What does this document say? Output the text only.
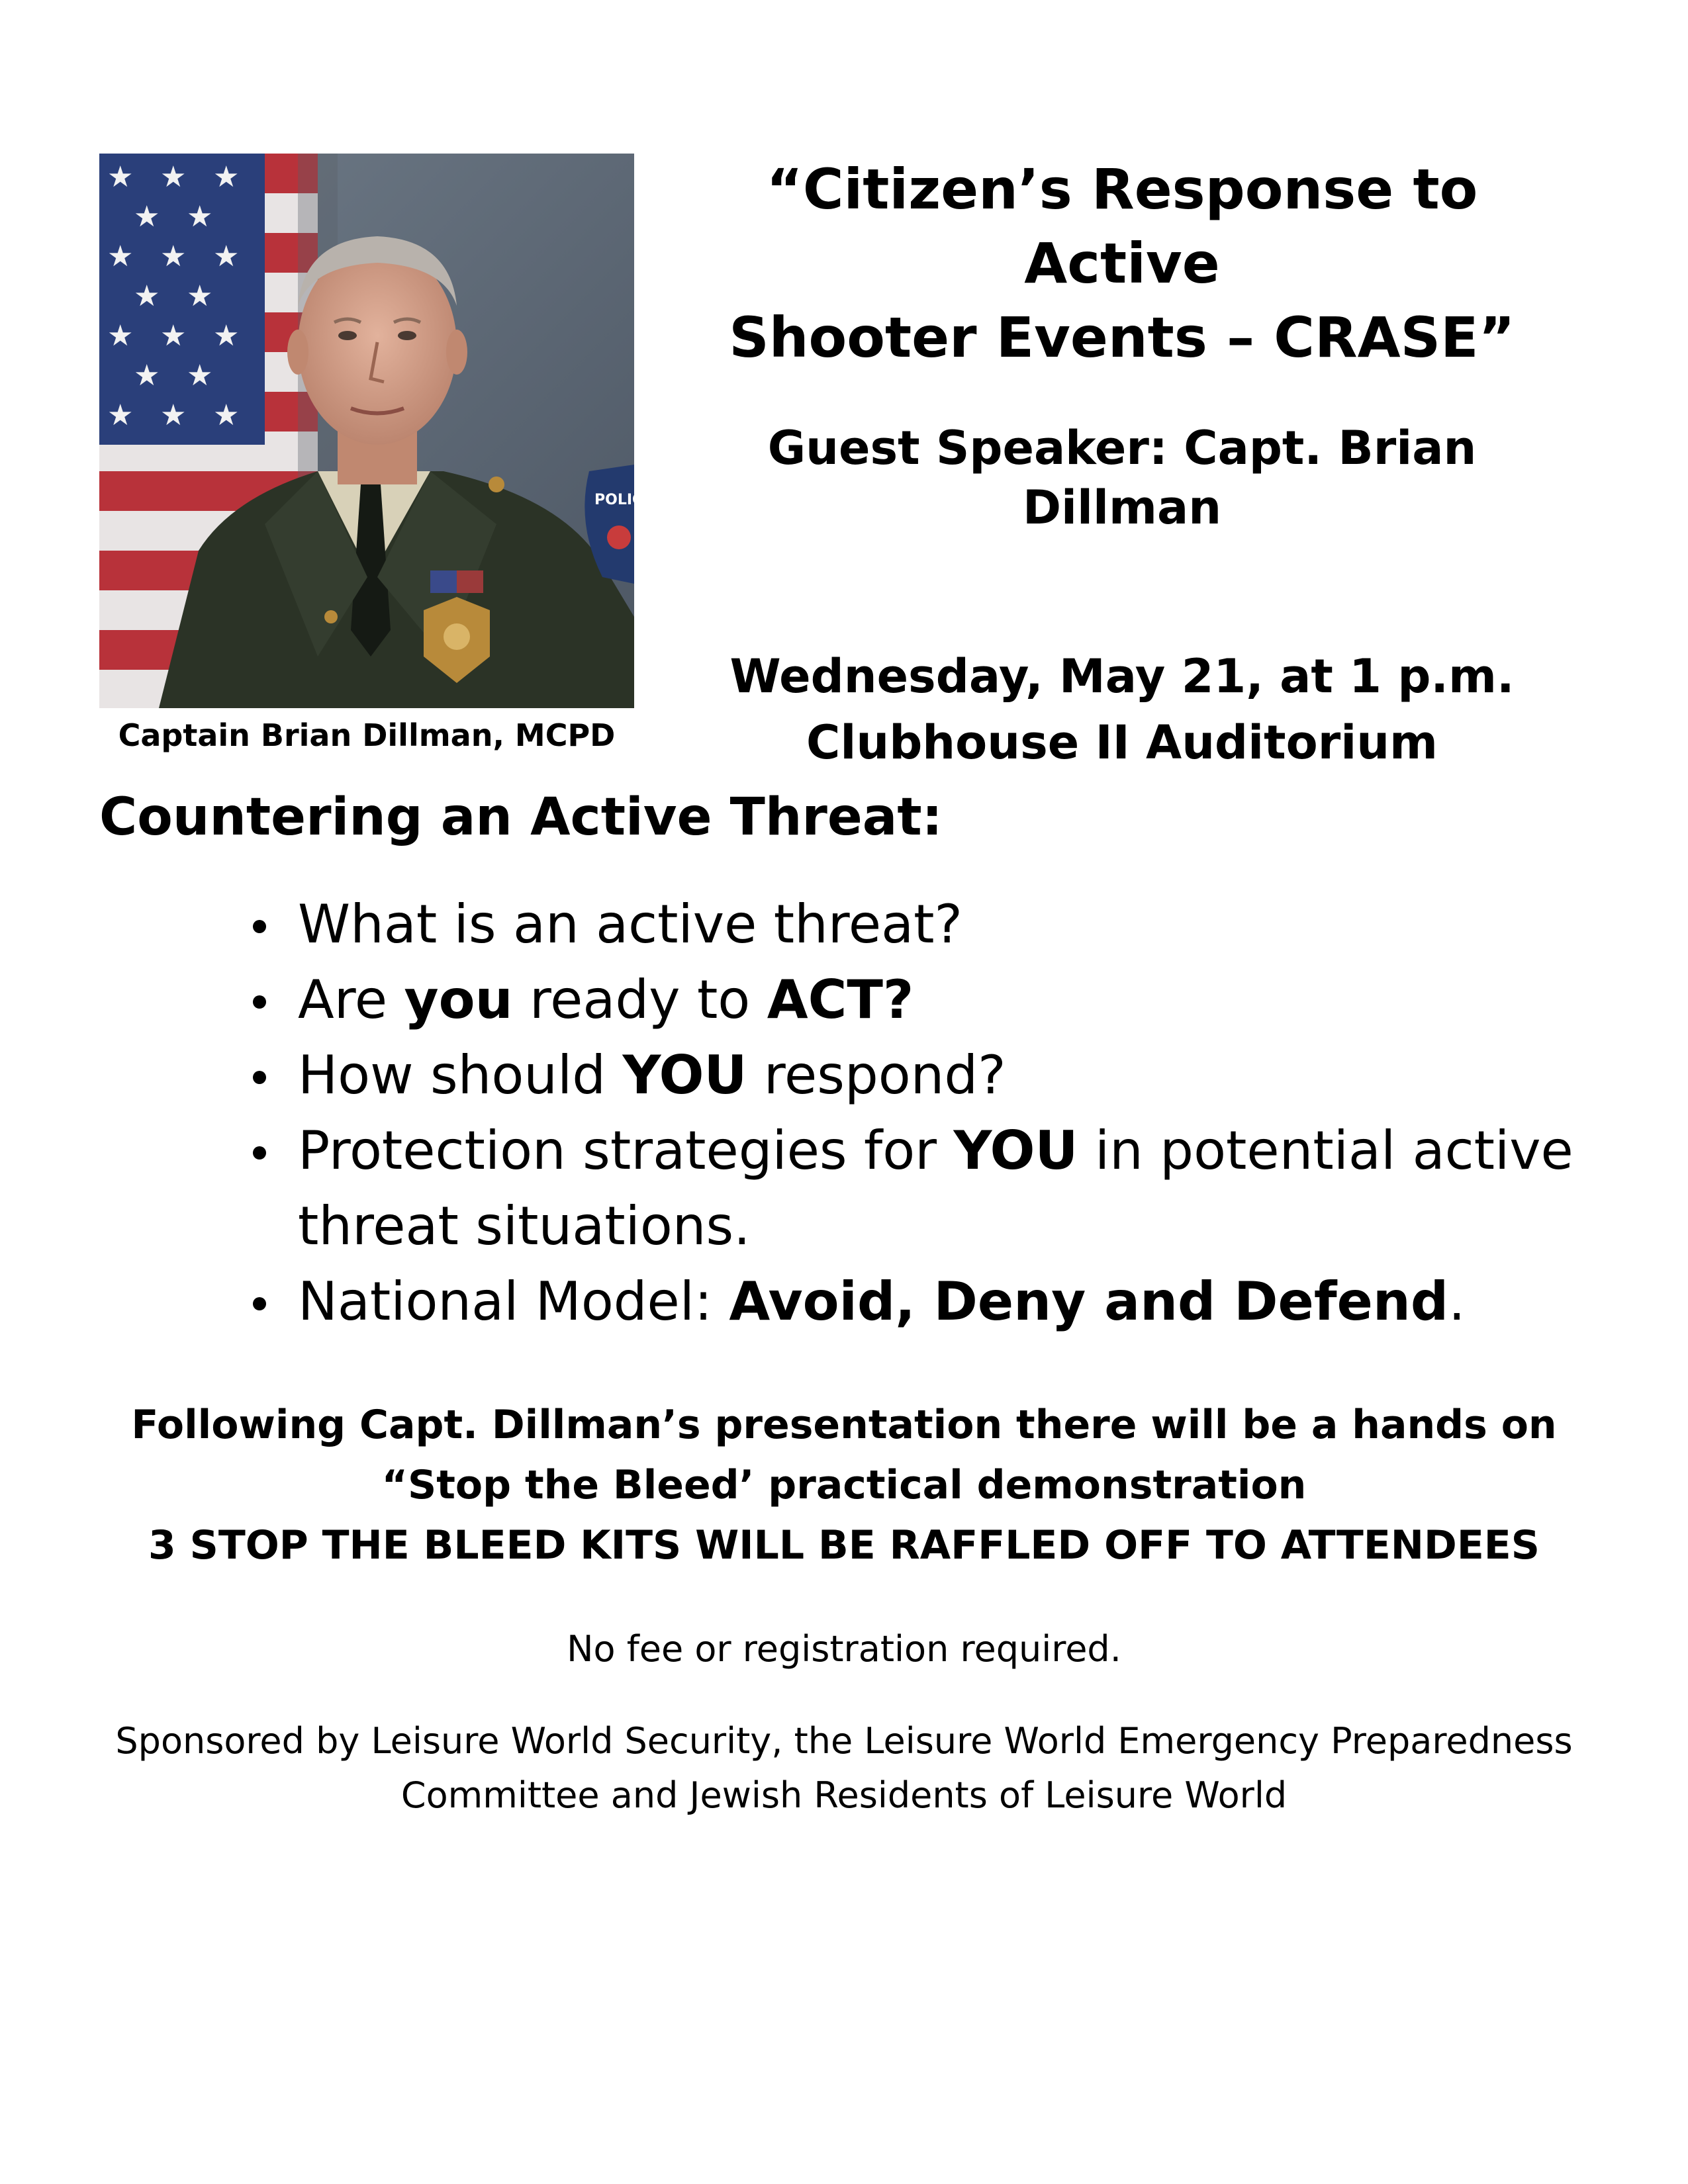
★ ★ ★
★ ★
★ ★ ★
★ ★
★ ★ ★
★ ★
★ ★ ★
POLICE
Captain Brian Dillman, MCPD

“Citizen’s Response to Active
Shooter Events – CRASE”

Guest Speaker: Capt. Brian Dillman

Wednesday, May 21, at 1 p.m.
Clubhouse II Auditorium

Countering an Active Threat:
What is an active threat?
Are you ready to ACT?
How should YOU respond?
Protection strategies for YOU in potential active threat situations.
National Model: Avoid, Deny and Defend.
Following Capt. Dillman’s presentation there will be a hands on
“Stop the Bleed’ practical demonstration
3 STOP THE BLEED KITS WILL BE RAFFLED OFF TO ATTENDEES
No fee or registration required.
Sponsored by Leisure World Security, the Leisure World Emergency Preparedness
Committee and Jewish Residents of Leisure World
